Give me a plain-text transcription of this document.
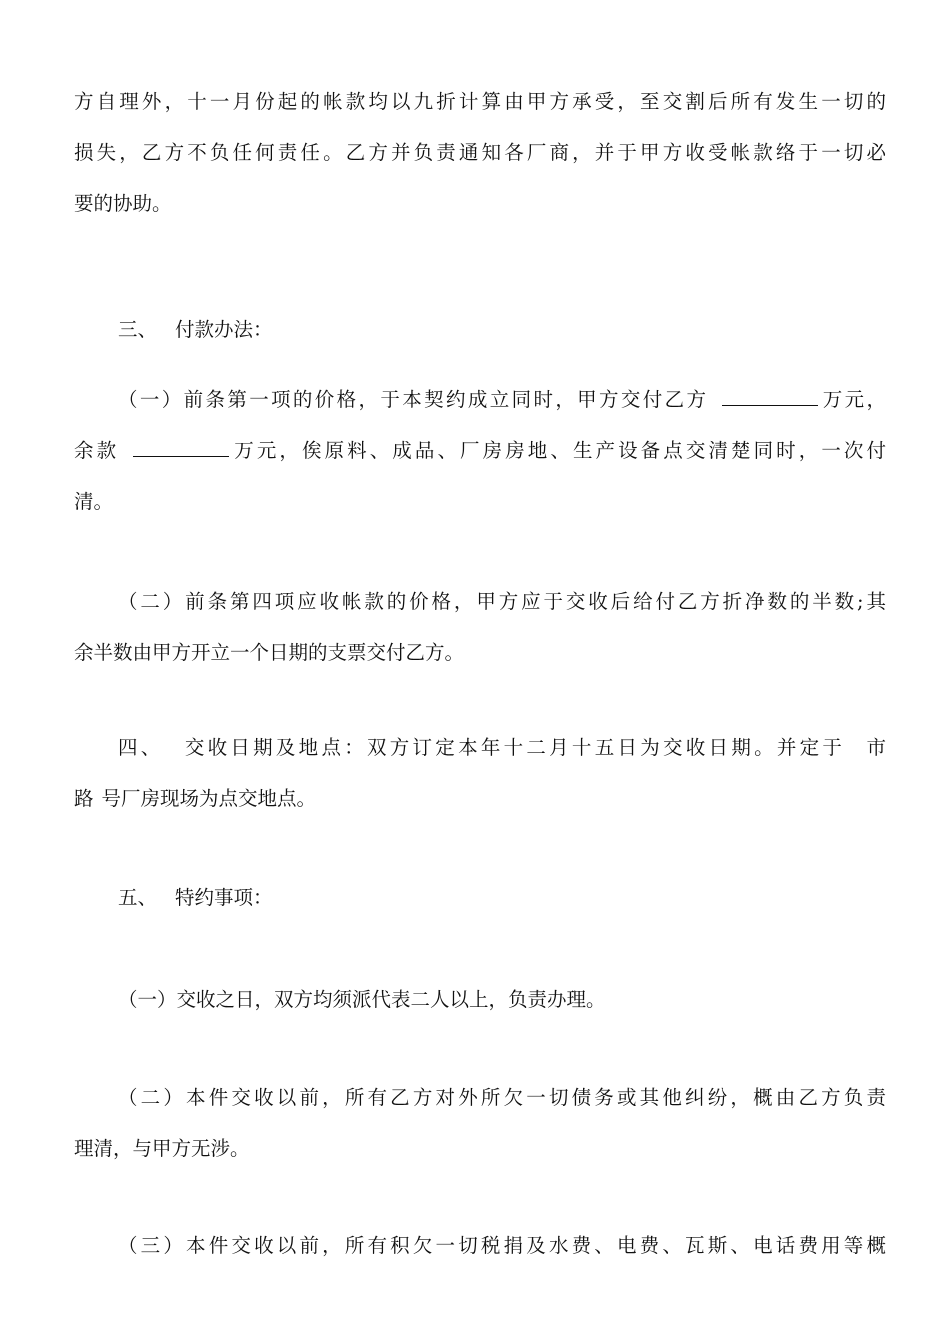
方自理外，十一月份起的帐款均以九折计算由甲方承受，至交割后所有发生一切的
损失，乙方不负任何责任。乙方并负责通知各厂商，并于甲方收受帐款络于一切必
要的协助。
三、 付款办法：
（一）前条第一项的价格，于本契约成立同时，甲方交付乙方	万元，
余款	万元，俟原料、成品、厂房房地、生产设备点交清楚同时，一次付
清。
（二）前条第四项应收帐款的价格，甲方应于交收后给付乙方折净数的半数;其
余半数由甲方开立一个日期的支票交付乙方。
四、 交收日期及地点：双方订定本年十二月十五日为交收日期。并定于 市
路 号厂房现场为点交地点。
五、 特约事项：
（一）交收之日，双方均须派代表二人以上，负责办理。
（二）本件交收以前，所有乙方对外所欠一切债务或其他纠纷，概由乙方负责
理清，与甲方无涉。
（三）本件交收以前，所有积欠一切税捐及水费、电费、瓦斯、电话费用等概
